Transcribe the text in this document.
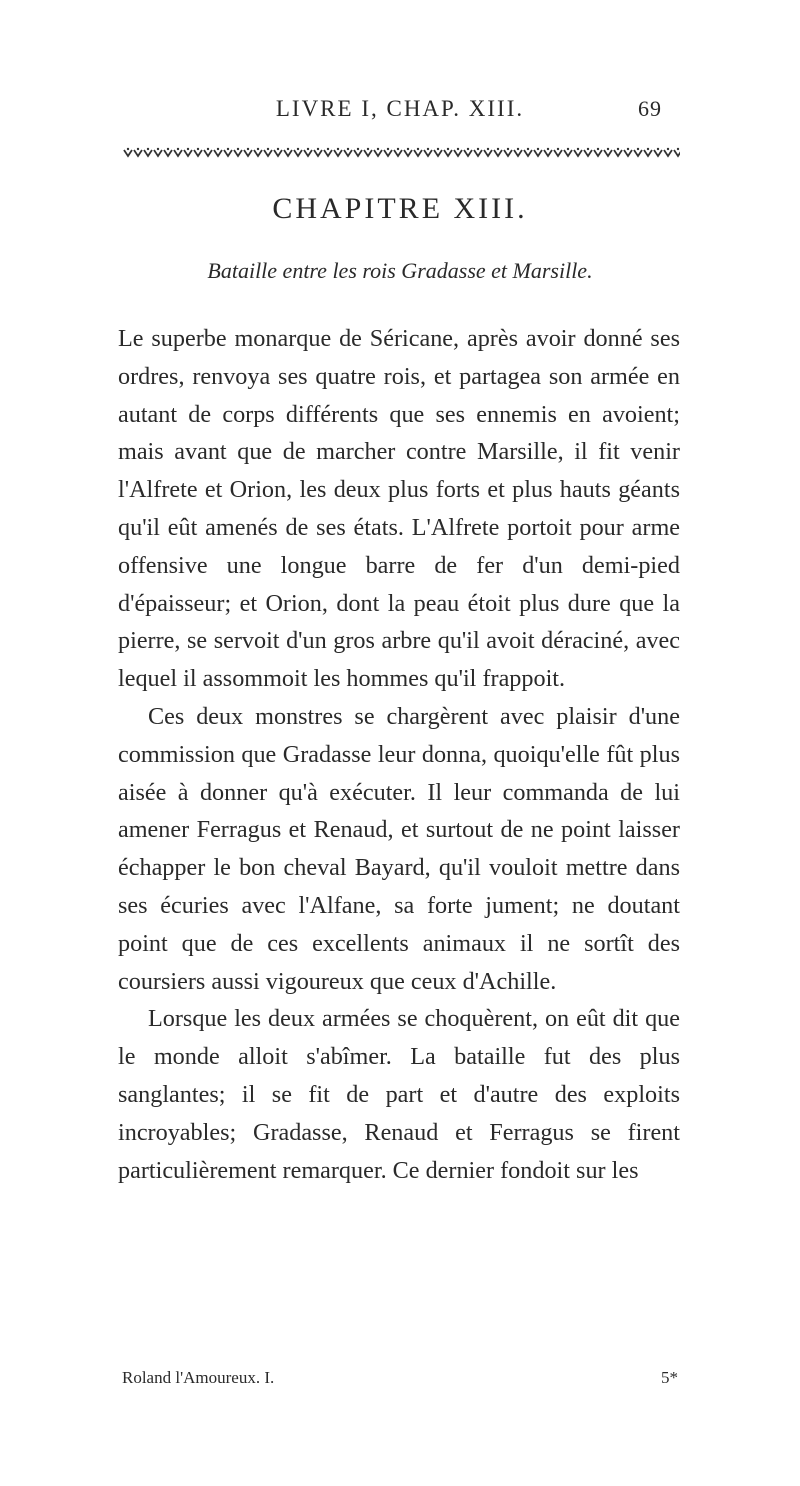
LIVRE I, CHAP. XIII.	69
CHAPITRE XIII.
Bataille entre les rois Gradasse et Marsille.

Le superbe monarque de Séricane, après avoir donné ses ordres, renvoya ses quatre rois, et partagea son armée en autant de corps différents que ses ennemis en avoient; mais avant que de marcher contre Marsille, il fit venir l'Alfrete et Orion, les deux plus forts et plus hauts géants qu'il eût amenés de ses états. L'Alfrete portoit pour arme offensive une longue barre de fer d'un demi-pied d'épaisseur; et Orion, dont la peau étoit plus dure que la pierre, se servoit d'un gros arbre qu'il avoit déraciné, avec lequel il assommoit les hommes qu'il frappoit.

Ces deux monstres se chargèrent avec plaisir d'une commission que Gradasse leur donna, quoiqu'elle fût plus aisée à donner qu'à exécuter. Il leur commanda de lui amener Ferragus et Renaud, et surtout de ne point laisser échapper le bon cheval Bayard, qu'il vouloit mettre dans ses écuries avec l'Alfane, sa forte jument; ne doutant point que de ces excellents animaux il ne sortît des coursiers aussi vigoureux que ceux d'Achille.

Lorsque les deux armées se choquèrent, on eût dit que le monde alloit s'abîmer. La bataille fut des plus sanglantes; il se fit de part et d'autre des exploits incroyables; Gradasse, Renaud et Ferragus se firent particulièrement remarquer. Ce dernier fondoit sur les

Roland l'Amoureux. I.	5*
